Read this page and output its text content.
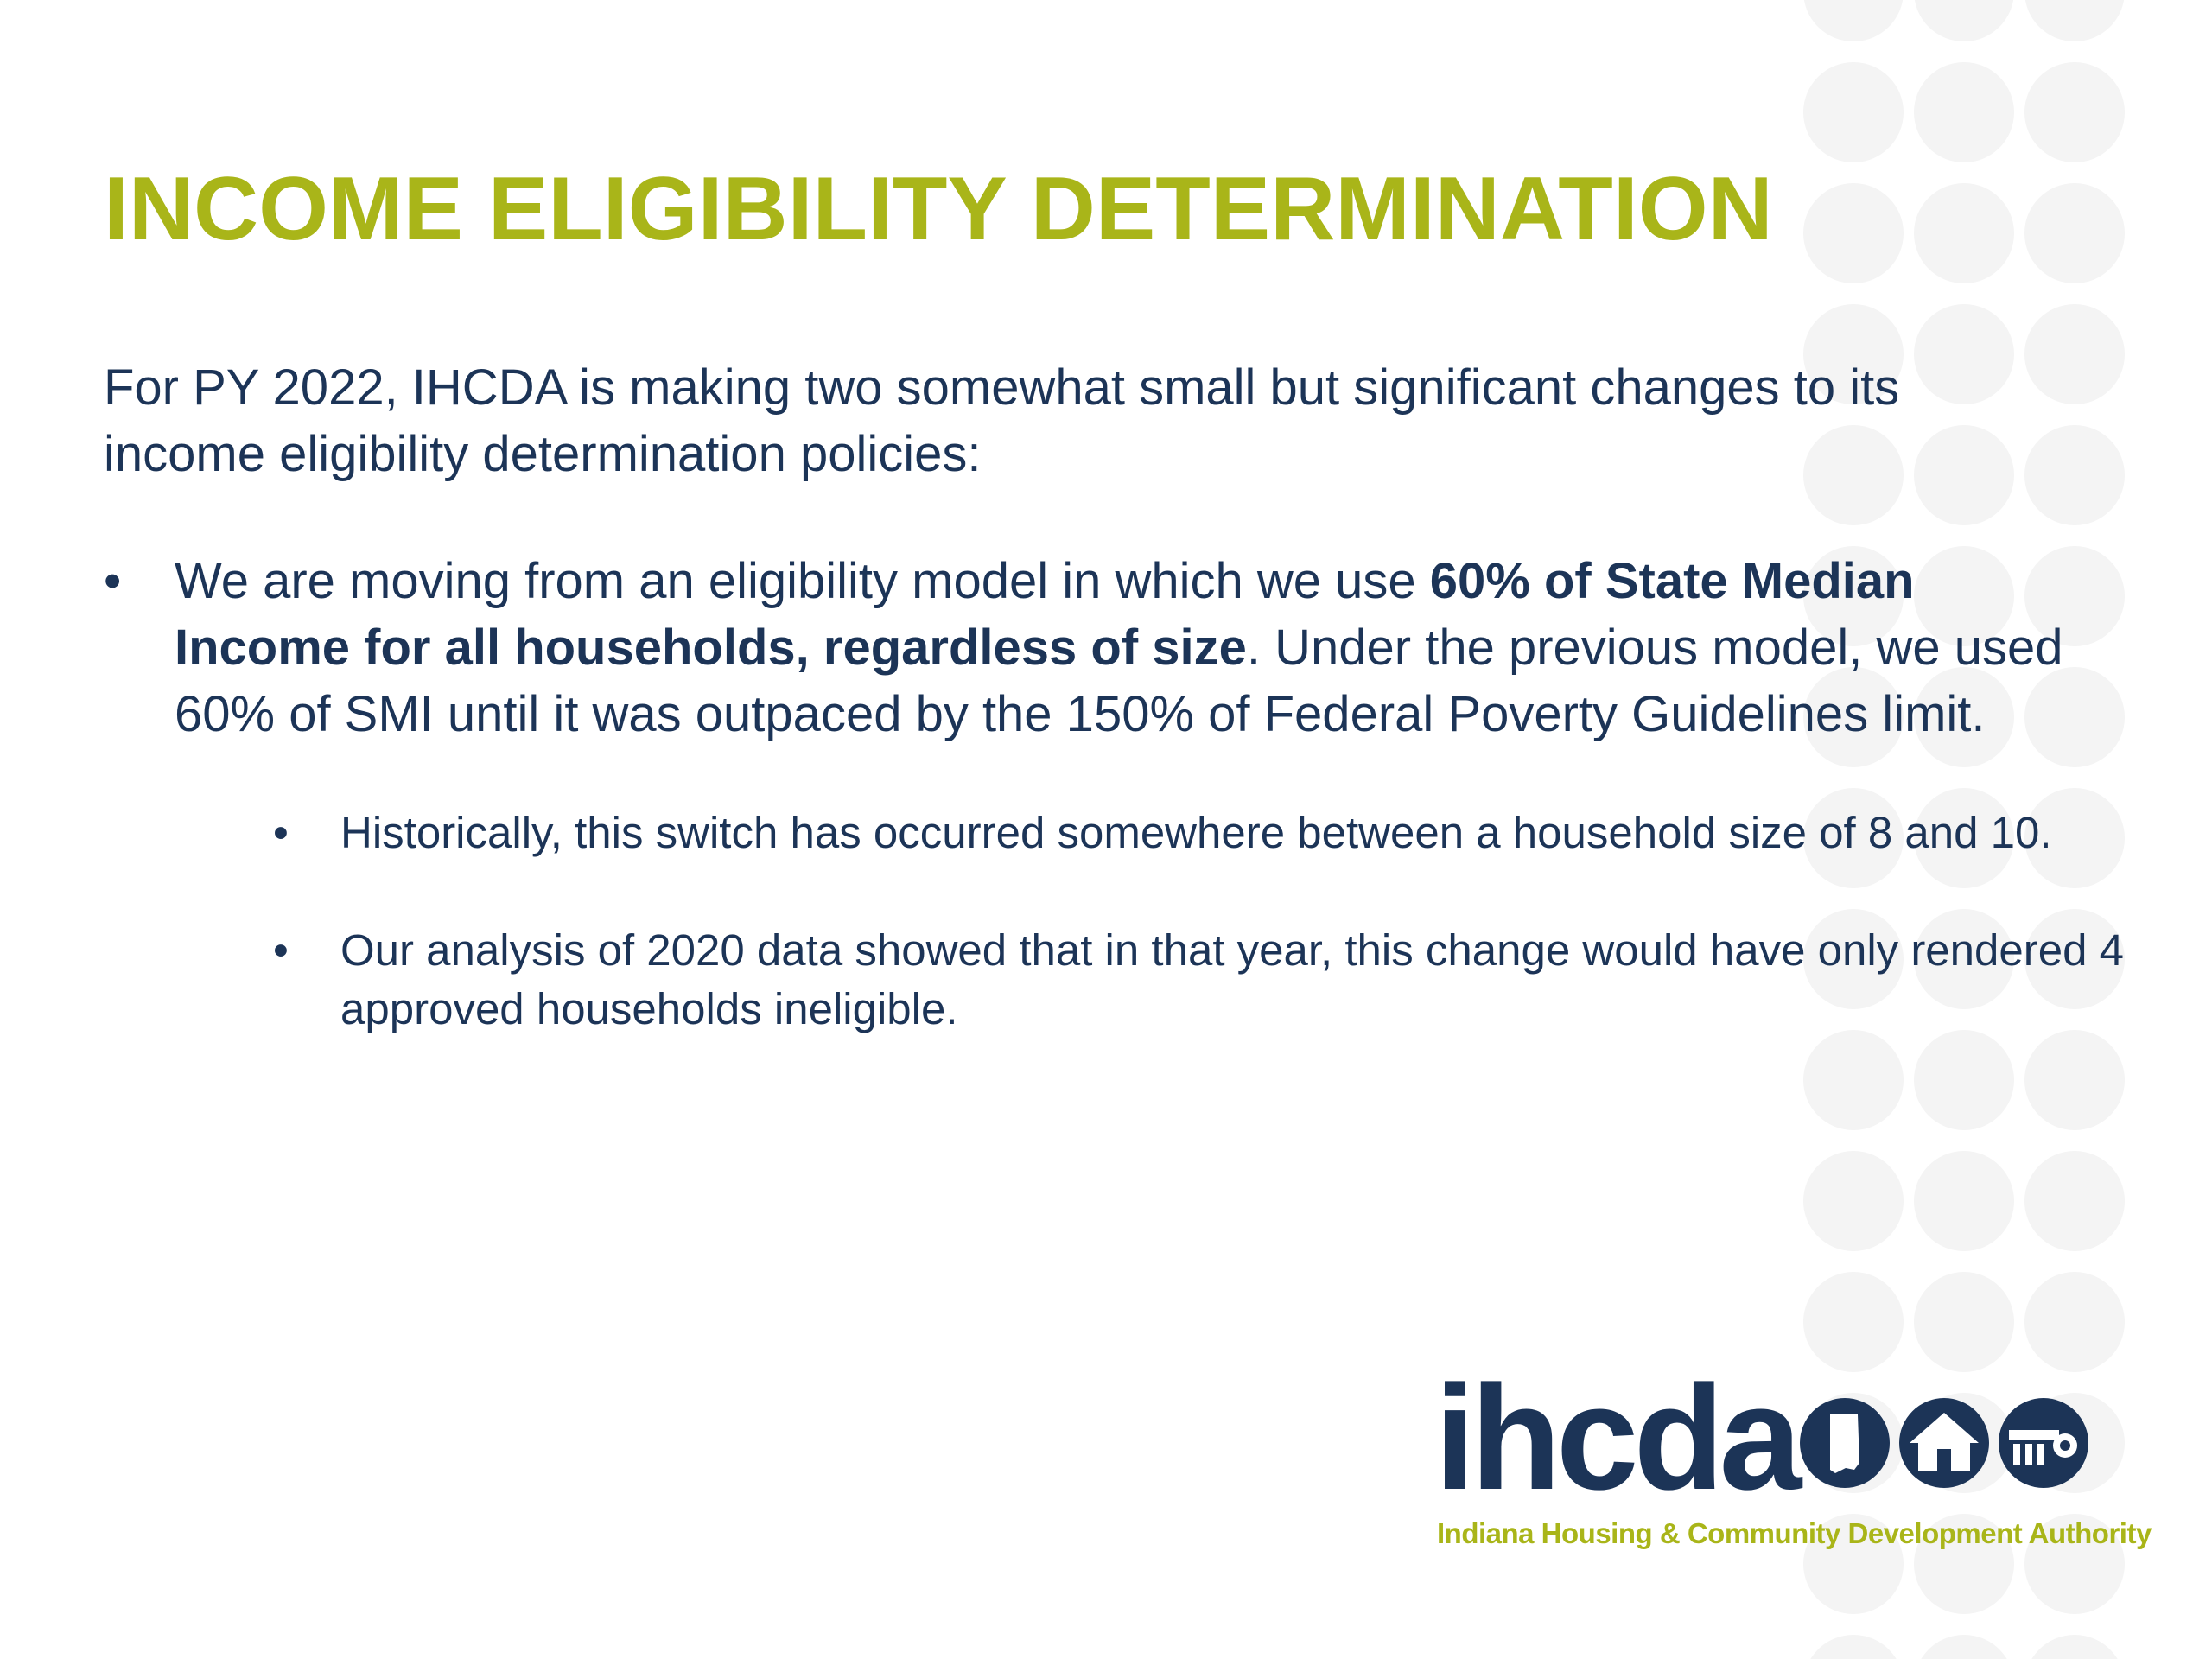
INCOME ELIGIBILITY DETERMINATION

For PY 2022, IHCDA is making two somewhat small but significant changes to its income eligibility determination policies:

• We are moving from an eligibility model in which we use 60% of State Median Income for all households, regardless of size. Under the previous model, we used 60% of SMI until it was outpaced by the 150% of Federal Poverty Guidelines limit.
• Historically, this switch has occurred somewhere between a household size of 8 and 10.
• Our analysis of 2020 data showed that in that year, this change would have only rendered 4 approved households ineligible.
ihcda
Indiana Housing & Community Development Authority
